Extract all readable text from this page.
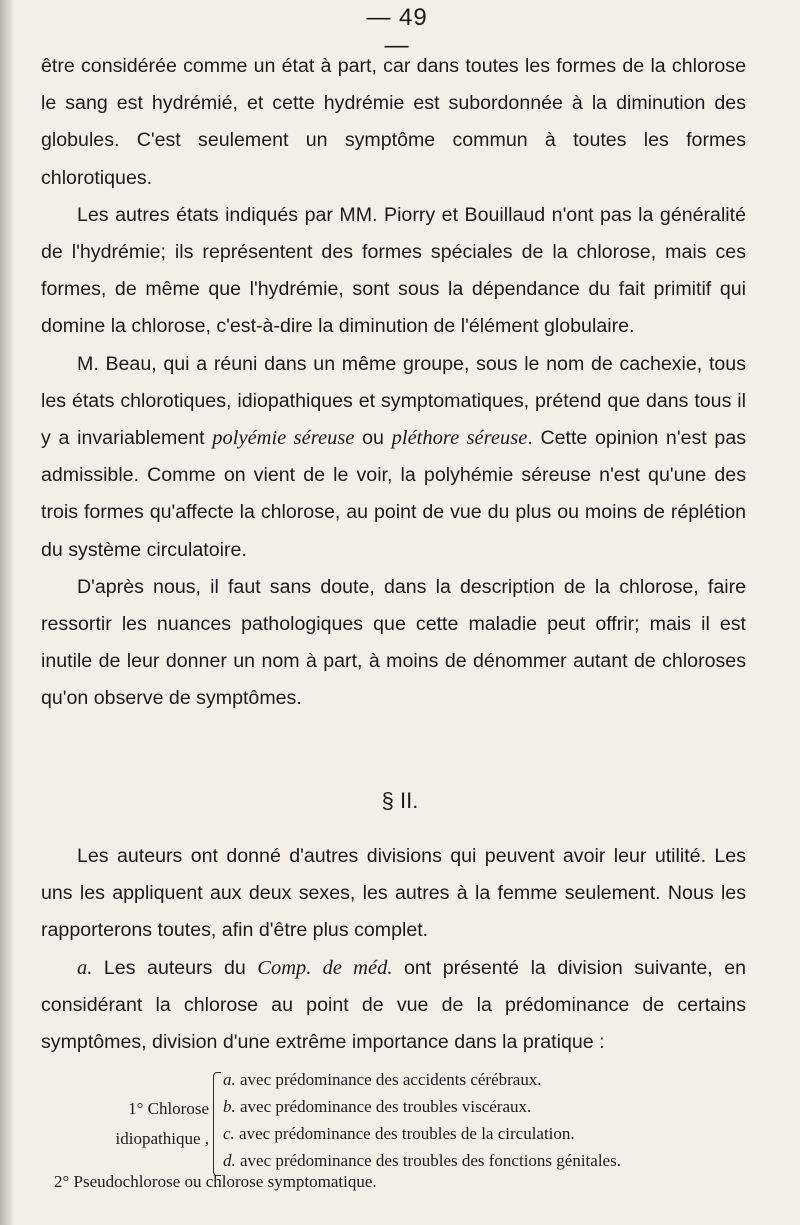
— 49 —

être considérée comme un état à part, car dans toutes les formes de la chlorose le sang est hydrémié, et cette hydrémie est subordonnée à la diminution des globules. C'est seulement un symptôme commun à toutes les formes chlorotiques.

Les autres états indiqués par MM. Piorry et Bouillaud n'ont pas la généralité de l'hydrémie; ils représentent des formes spéciales de la chlorose, mais ces formes, de même que l'hydrémie, sont sous la dépendance du fait primitif qui domine la chlorose, c'est-à-dire la diminution de l'élément globulaire.

M. Beau, qui a réuni dans un même groupe, sous le nom de cachexie, tous les états chlorotiques, idiopathiques et symptomatiques, prétend que dans tous il y a invariablement polyémie séreuse ou pléthore séreuse. Cette opinion n'est pas admissible. Comme on vient de le voir, la polyhémie séreuse n'est qu'une des trois formes qu'affecte la chlorose, au point de vue du plus ou moins de réplétion du système circulatoire.

D'après nous, il faut sans doute, dans la description de la chlorose, faire ressortir les nuances pathologiques que cette maladie peut offrir; mais il est inutile de leur donner un nom à part, à moins de dénommer autant de chloroses qu'on observe de symptômes.

§ II.

Les auteurs ont donné d'autres divisions qui peuvent avoir leur utilité. Les uns les appliquent aux deux sexes, les autres à la femme seulement. Nous les rapporterons toutes, afin d'être plus complet.

a. Les auteurs du Comp. de méd. ont présenté la division suivante, en considérant la chlorose au point de vue de la prédominance de certains symptômes, division d'une extrême importance dans la pratique :

1° Chlorose
idiopathique ,
a. avec prédominance des accidents cérébraux.
b. avec prédominance des troubles viscéraux.
c. avec prédominance des troubles de la circulation.
d. avec prédominance des troubles des fonctions génitales.
2° Pseudochlorose ou chlorose symptomatique.
